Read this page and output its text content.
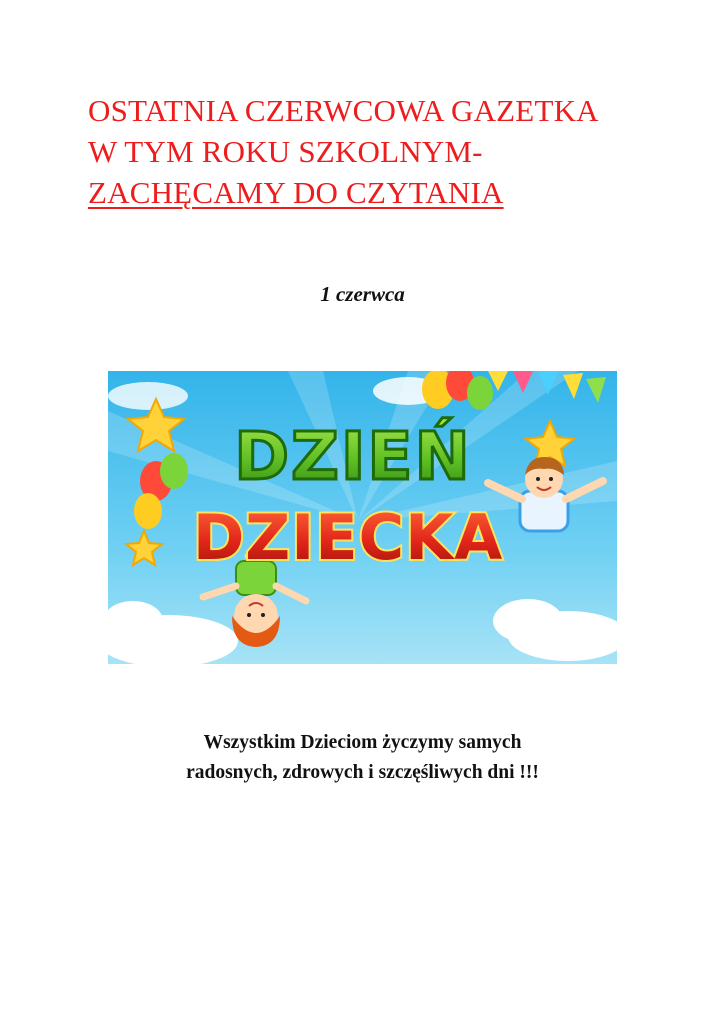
OSTATNIA CZERWCOWA GAZETKA
W TYM ROKU SZKOLNYM-
ZACHĘCAMY DO CZYTANIA
1 czerwca
DZIEŃ
DZIECKA
Wszystkim Dzieciom życzymy samych
radosnych, zdrowych i szczęśliwych dni !!!
